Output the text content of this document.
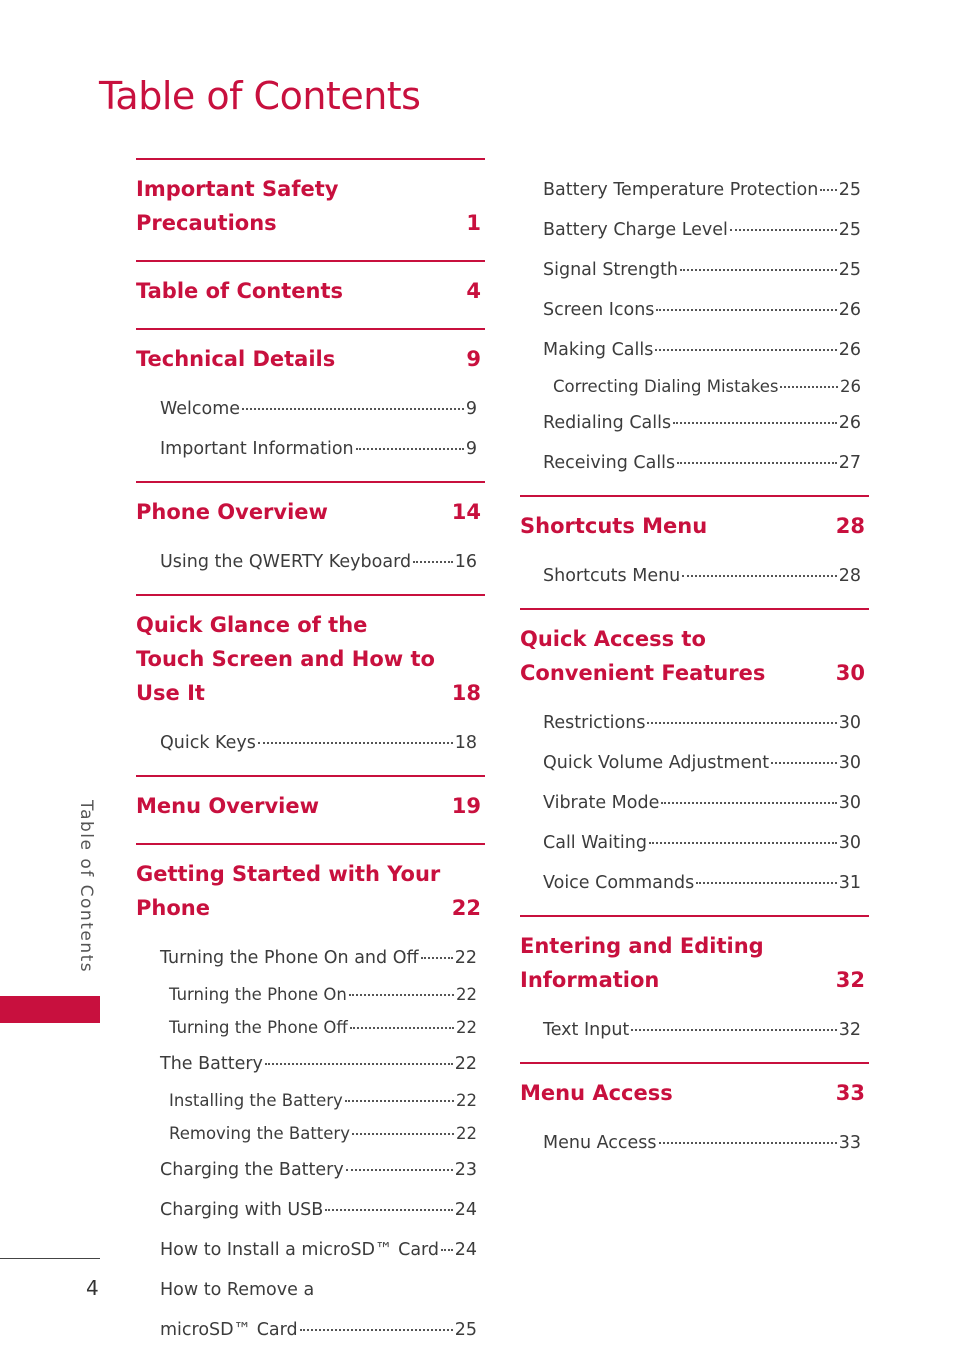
Table of Contents
Important Safety Precautions	1
Table of Contents	4
Technical Details	9
Welcome	9
Important Information	9
Phone Overview	14
Using the QWERTY Keyboard 16
Quick Glance of the Touch Screen and How to Use It	18
Quick Keys	18
Menu Overview	19
Getting Started with Your Phone	22
Turning the Phone On and Off 22
Turning the Phone On	22
Turning the Phone Off	22
The Battery	22
Installing the Battery	22
Removing the Battery	22
Charging the Battery	23
Charging with USB	24
How to Install a microSD™ Card 24
How to Remove a
microSD™ Card	25
Battery Temperature Protection 25
Battery Charge Level	25
Signal Strength	25
Screen Icons	26
Making Calls	26
Correcting Dialing Mistakes	26
Redialing Calls	26
Receiving Calls	27
Shortcuts Menu	28
Shortcuts Menu	28
Quick Access to Convenient Features	30
Restrictions	30
Quick Volume Adjustment	30
Vibrate Mode	30
Call Waiting	30
Voice Commands	31
Entering and Editing Information	32
Text Input	32
Menu Access	33
Menu Access	33
Table of Contents
4
